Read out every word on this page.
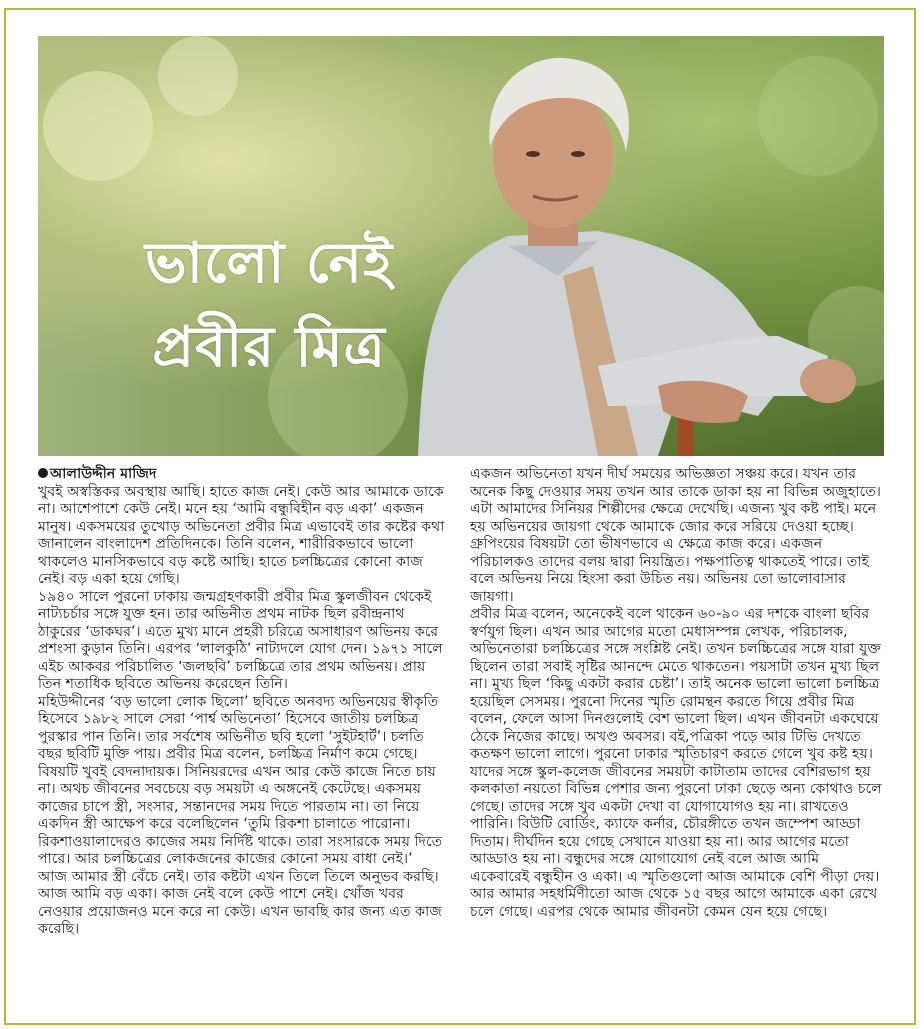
ভালো নেই
প্রবীর মিত্র

আলাউদ্দীন মাজিদ

খুবই অস্বস্তিকর অবস্থায় আছি। হাতে কাজ নেই। কেউ আর আমাকে ডাকে না। আশেপাশে কেউ নেই। মনে হয় ‘আমি বন্ধুবিহীন বড় একা’ একজন মানুষ। একসময়ের তুখোড় অভিনেতা প্রবীর মিত্র এভাবেই তার কষ্টের কথা জানালেন বাংলাদেশ প্রতিদিনকে। তিনি বলেন, শারীরিকভাবে ভালো থাকলেও মানসিকভাবে বড় কষ্টে আছি। হাতে চলচ্চিত্রের কোনো কাজ নেই। বড় একা হয়ে গেছি।

১৯৪০ সালে পুরনো ঢাকায় জন্মগ্রহণকারী প্রবীর মিত্র স্কুলজীবন থেকেই নাট্যচর্চার সঙ্গে যুক্ত হন। তার অভিনীত প্রথম নাটক ছিল রবীন্দ্রনাথ ঠাকুরের ‘ডাকঘর’। এতে মুখ্য মানে প্রহরী চরিত্রে অসাধারণ অভিনয় করে প্রশংসা কুড়ান তিনি। এরপর ‘লালকুঠি’ নাট্যদলে যোগ দেন। ১৯৭১ সালে এইচ আকবর পরিচালিত ‘জলছবি’ চলচ্চিত্রে তার প্রথম অভিনয়। প্রায় তিন শতাধিক ছবিতে অভিনয় করেছেন তিনি।

মহিউদ্দীনের ‘বড় ভালো লোক ছিলো’ ছবিতে অনবদ্য অভিনয়ের স্বীকৃতি হিসেবে ১৯৮২ সালে সেরা ‘পার্শ্ব অভিনেতা’ হিসেবে জাতীয় চলচ্চিত্র পুরস্কার পান তিনি। তার সর্বশেষ অভিনীত ছবি হলো ‘সুইটহার্ট’। চলতি বছর ছবিটি মুক্তি পায়। প্রবীর মিত্র বলেন, চলচ্চিত্র নির্মাণ কমে গেছে। বিষয়টি খুবই বেদনাদায়ক। সিনিয়রদের এখন আর কেউ কাজে নিতে চায় না। অথচ জীবনের সবচেয়ে বড় সময়টা এ অঙ্গনেই কেটেছে। একসময় কাজের চাপে স্ত্রী, সংসার, সন্তানদের সময় দিতে পারতাম না। তা নিয়ে একদিন স্ত্রী আক্ষেপ করে বলেছিলেন ‘তুমি রিকশা চালাতে পারোনা। রিকশাওয়ালাদেরও কাজের সময় নির্দিষ্ট থাকে। তারা সংসারকে সময় দিতে পারে। আর চলচ্চিত্রের লোকজনের কাজের কোনো সময় বাধা নেই।’

আজ আমার স্ত্রী বেঁচে নেই। তার কষ্টটা এখন তিলে তিলে অনুভব করছি। আজ আমি বড় একা। কাজ নেই বলে কেউ পাশে নেই। খোঁজ খবর নেওয়ার প্রয়োজনও মনে করে না কেউ। এখন ভাবছি কার জন্য এত কাজ করেছি।

একজন অভিনেতা যখন দীর্ঘ সময়ের অভিজ্ঞতা সঞ্চয় করে। যখন তার অনেক কিছু দেওয়ার সময় তখন আর তাকে ডাকা হয় না বিভিন্ন অজুহাতে। এটা আমাদের সিনিয়র শিল্পীদের ক্ষেত্রে দেখেছি। এজন্য খুব কষ্ট পাই। মনে হয় অভিনয়ের জায়গা থেকে আমাকে জোর করে সরিয়ে দেওয়া হচ্ছে। গ্রুপিংয়ের বিষয়টা তো ভীষণভাবে এ ক্ষেত্রে কাজ করে। একজন পরিচালকও তাদের বলয় দ্বারা নিয়ন্ত্রিত। পক্ষপাতিত্ব থাকতেই পারে। তাই বলে অভিনয় নিয়ে হিংসা করা উচিত নয়। অভিনয় তো ভালোবাসার জায়গা।

প্রবীর মিত্র বলেন, অনেকেই বলে থাকেন ৬০-৯০ এর দশকে বাংলা ছবির স্বর্ণযুগ ছিল। এখন আর আগের মতো মেধাসম্পন্ন লেখক, পরিচালক, অভিনেতারা চলচ্চিত্রের সঙ্গে সংশ্লিষ্ট নেই। তখন চলচ্চিত্রের সঙ্গে যারা যুক্ত ছিলেন তারা সবাই সৃষ্টির আনন্দে মেতে থাকতেন। পয়সাটা তখন মুখ্য ছিল না। মুখ্য ছিল ‘কিছু একটা করার চেষ্টা’। তাই অনেক ভালো ভালো চলচ্চিত্র হয়েছিল সেসময়। পুরনো দিনের স্মৃতি রোমন্থন করতে গিয়ে প্রবীর মিত্র বলেন, ফেলে আসা দিনগুলোই বেশ ভালো ছিল। এখন জীবনটা একঘেয়ে ঠেকে নিজের কাছে। অখণ্ড অবসর। বই,পত্রিকা পড়ে আর টিভি দেখতে কতক্ষণ ভালো লাগে। পুরনো ঢাকার স্মৃতিচারণ করতে গেলে খুব কষ্ট হয়। যাদের সঙ্গে স্কুল-কলেজ জীবনের সময়টা কাটাতাম তাদের বেশিরভাগ হয় কলকাতা নয়তো বিভিন্ন পেশার জন্য পুরনো ঢাকা ছেড়ে অন্য কোথাও চলে গেছে। তাদের সঙ্গে খুব একটা দেখা বা যোগাযোগও হয় না। রাখতেও পারিনি। বিউটি বোর্ডিং, ক্যাফে কর্নার, চৌরঙ্গীতে তখন জম্পেশ আড্ডা দিতাম। দীর্ঘদিন হয়ে গেছে সেখানে যাওয়া হয় না। আর আগের মতো আড্ডাও হয় না। বন্ধুদের সঙ্গে যোগাযোগ নেই বলে আজ আমি একেবারেই বন্ধুহীন ও একা। এ স্মৃতিগুলো আজ আমাকে বেশি পীড়া দেয়। আর আমার সহধর্মিণীতো আজ থেকে ১৫ বছর আগে আমাকে একা রেখে চলে গেছে। এরপর থেকে আমার জীবনটা কেমন যেন হয়ে গেছে।
